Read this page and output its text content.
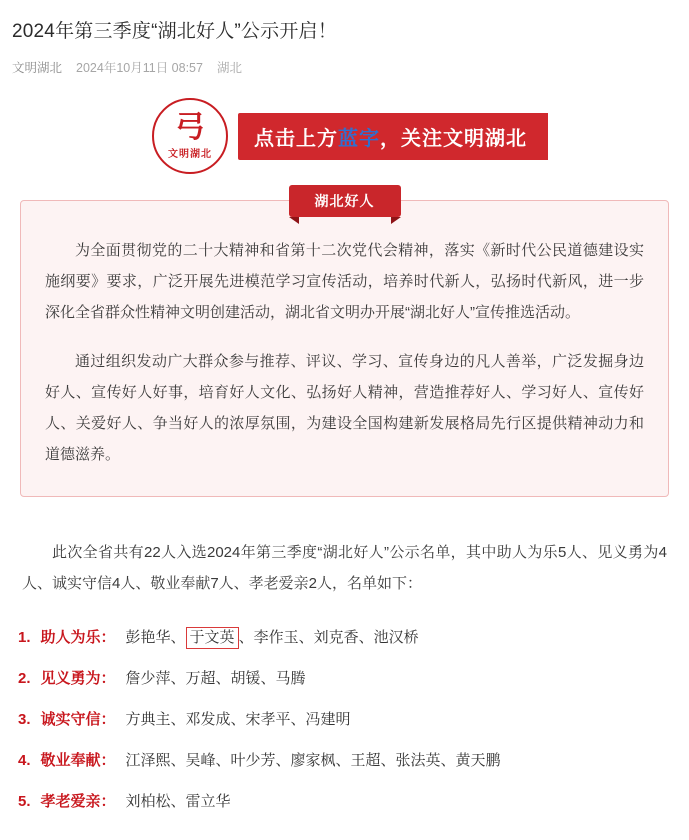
2024年第三季度“湖北好人”公示开启！
文明湖北 2024年10月11日 08:57 湖北
弓
文明湖北
点击上方 蓝字 ，关注 文明湖北
湖北好人

为全面贯彻党的二十大精神和省第十二次党代会精神，落实《新时代公民道德建设实施纲要》要求，广泛开展先进模范学习宣传活动，培养时代新人，弘扬时代新风，进一步深化全省群众性精神文明创建活动，湖北省文明办开展“湖北好人”宣传推选活动。

通过组织发动广大群众参与推荐、评议、学习、宣传身边的凡人善举，广泛发掘身边好人、宣传好人好事，培育好人文化、弘扬好人精神，营造推荐好人、学习好人、宣传好人、关爱好人、争当好人的浓厚氛围，为建设全国构建新发展格局先行区提供精神动力和道德滋养。

此次全省共有22人入选2024年第三季度“湖北好人”公示名单，其中助人为乐5人、见义勇为4人、诚实守信4人、敬业奉献7人、孝老爱亲2人，名单如下：

1. 助人为乐： 彭艳华、 于文英 、李作玉、刘克香、池汉桥
2. 见义勇为： 詹少萍、万超、胡锾、马腾
3. 诚实守信： 方典主、邓发成、宋孝平、冯建明
4. 敬业奉献： 江泽熙、吴峰、叶少芳、廖家枫、王超、张法英、黄天鹏
5. 孝老爱亲： 刘柏松、雷立华
